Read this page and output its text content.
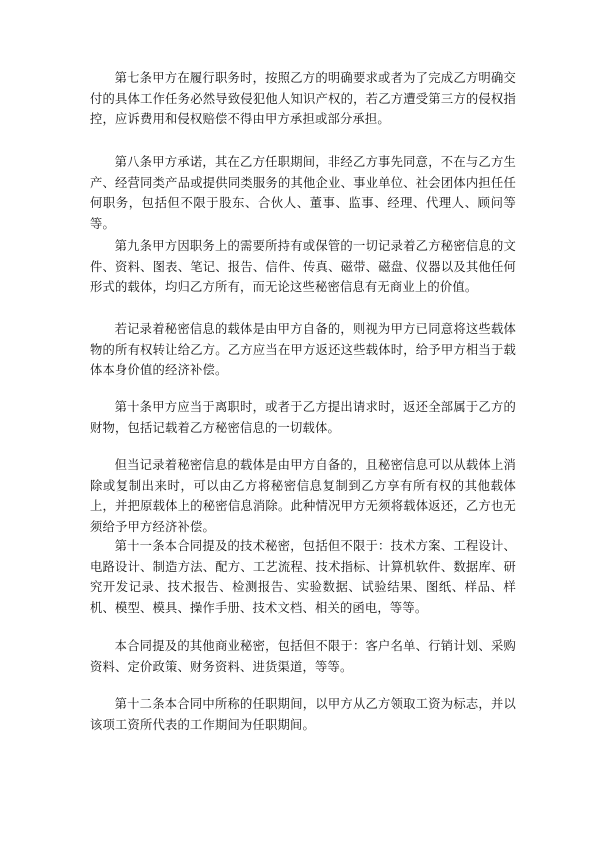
第七条甲方在履行职务时，按照乙方的明确要求或者为了完成乙方明确交付的具体工作任务必然导致侵犯他人知识产权的，若乙方遭受第三方的侵权指控，应诉费用和侵权赔偿不得由甲方承担或部分承担。

第八条甲方承诺，其在乙方任职期间，非经乙方事先同意，不在与乙方生产、经营同类产品或提供同类服务的其他企业、事业单位、社会团体内担任任何职务，包括但不限于股东、合伙人、董事、监事、经理、代理人、顾问等等。

第九条甲方因职务上的需要所持有或保管的一切记录着乙方秘密信息的文件、资料、图表、笔记、报告、信件、传真、磁带、磁盘、仪器以及其他任何形式的载体，均归乙方所有，而无论这些秘密信息有无商业上的价值。

若记录着秘密信息的载体是由甲方自备的，则视为甲方已同意将这些载体物的所有权转让给乙方。乙方应当在甲方返还这些载体时，给予甲方相当于载体本身价值的经济补偿。

第十条甲方应当于离职时，或者于乙方提出请求时，返还全部属于乙方的财物，包括记载着乙方秘密信息的一切载体。

但当记录着秘密信息的载体是由甲方自备的，且秘密信息可以从载体上消除或复制出来时，可以由乙方将秘密信息复制到乙方享有所有权的其他载体上，并把原载体上的秘密信息消除。此种情况甲方无须将载体返还，乙方也无须给予甲方经济补偿。

第十一条本合同提及的技术秘密，包括但不限于：技术方案、工程设计、电路设计、制造方法、配方、工艺流程、技术指标、计算机软件、数据库、研究开发记录、技术报告、检测报告、实验数据、试验结果、图纸、样品、样机、模型、模具、操作手册、技术文档、相关的函电，等等。

本合同提及的其他商业秘密，包括但不限于：客户名单、行销计划、采购资料、定价政策、财务资料、进货渠道，等等。

第十二条本合同中所称的任职期间，以甲方从乙方领取工资为标志，并以该项工资所代表的工作期间为任职期间。
